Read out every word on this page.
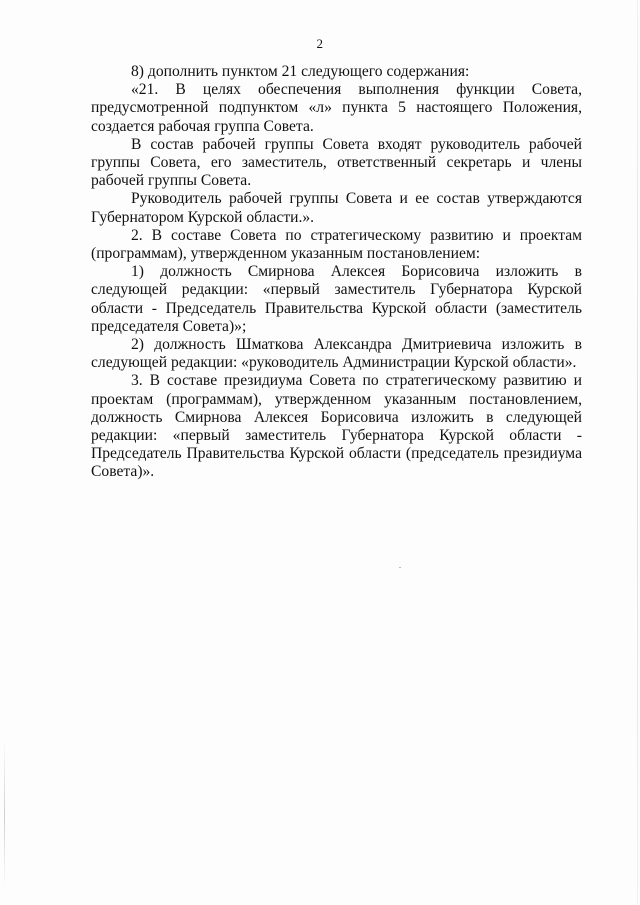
2

8) дополнить пунктом 21 следующего содержания:

«21. В целях обеспечения выполнения функции Совета, предусмотренной подпунктом «л» пункта 5 настоящего Положения, создается рабочая группа Совета.

В состав рабочей группы Совета входят руководитель рабочей группы Совета, его заместитель, ответственный секретарь и члены рабочей группы Совета.

Руководитель рабочей группы Совета и ее состав утверждаются Губернатором Курской области.».

2. В составе Совета по стратегическому развитию и проектам (программам), утвержденном указанным постановлением:

1) должность Смирнова Алексея Борисовича изложить в следующей редакции: «первый заместитель Губернатора Курской области - Председатель Правительства Курской области (заместитель председателя Совета)»;

2) должность Шматкова Александра Дмитриевича изложить в следующей редакции: «руководитель Администрации Курской области».

3. В составе президиума Совета по стратегическому развитию и проектам (программам), утвержденном указанным постановлением, должность Смирнова Алексея Борисовича изложить в следующей редакции: «первый заместитель Губернатора Курской области - Председатель Правительства Курской области (председатель президиума Совета)».
